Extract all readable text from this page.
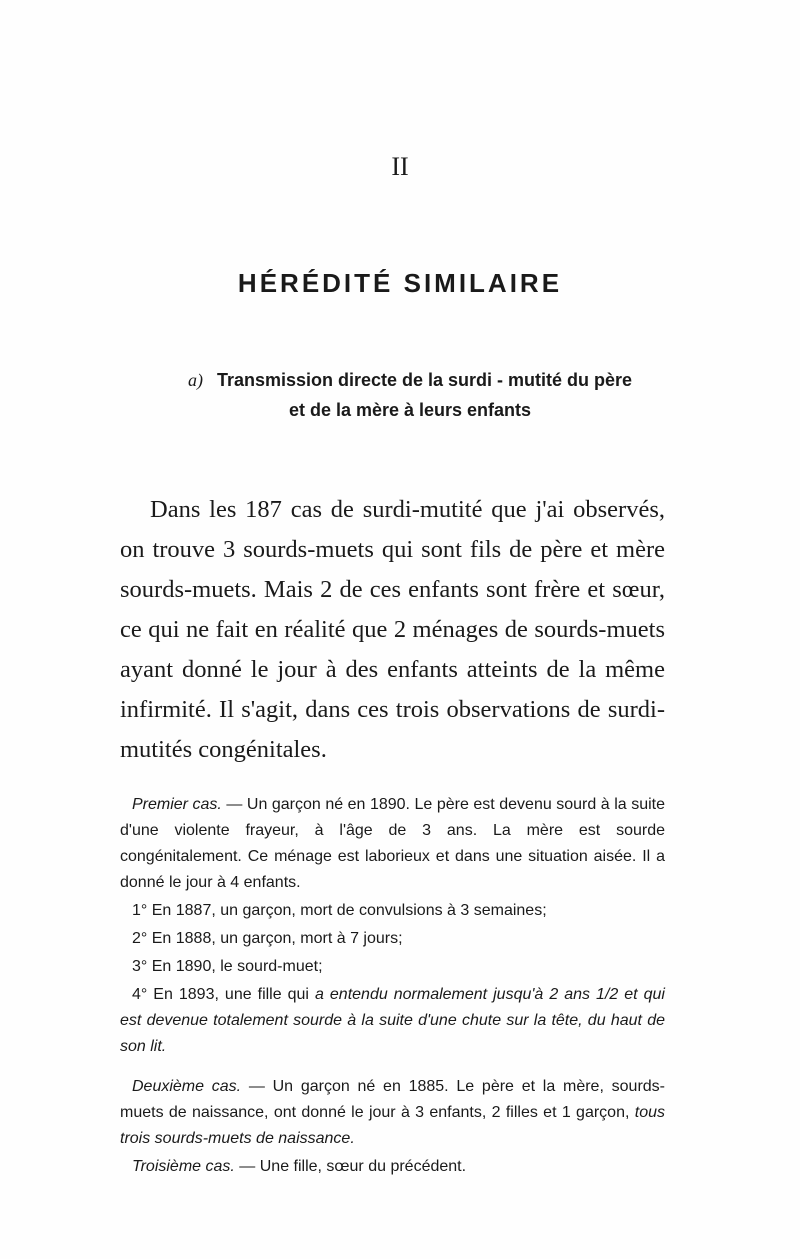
II
HÉRÉDITÉ SIMILAIRE
a) Transmission directe de la surdi - mutité du père
et de la mère à leurs enfants

Dans les 187 cas de surdi-mutité que j'ai observés, on trouve 3 sourds-muets qui sont fils de père et mère sourds-muets. Mais 2 de ces enfants sont frère et sœur, ce qui ne fait en réalité que 2 ménages de sourds-muets ayant donné le jour à des enfants atteints de la même infirmité. Il s'agit, dans ces trois observations de surdi-mutités congénitales.

Premier cas. — Un garçon né en 1890. Le père est devenu sourd à la suite d'une violente frayeur, à l'âge de 3 ans. La mère est sourde congénitalement. Ce ménage est laborieux et dans une situation aisée. Il a donné le jour à 4 enfants.

1° En 1887, un garçon, mort de convulsions à 3 semaines;

2° En 1888, un garçon, mort à 7 jours;

3° En 1890, le sourd-muet;

4° En 1893, une fille qui a entendu normalement jusqu'à 2 ans 1/2 et qui est devenue totalement sourde à la suite d'une chute sur la tête, du haut de son lit.

Deuxième cas. — Un garçon né en 1885. Le père et la mère, sourds-muets de naissance, ont donné le jour à 3 enfants, 2 filles et 1 garçon, tous trois sourds-muets de naissance.

Troisième cas. — Une fille, sœur du précédent.
